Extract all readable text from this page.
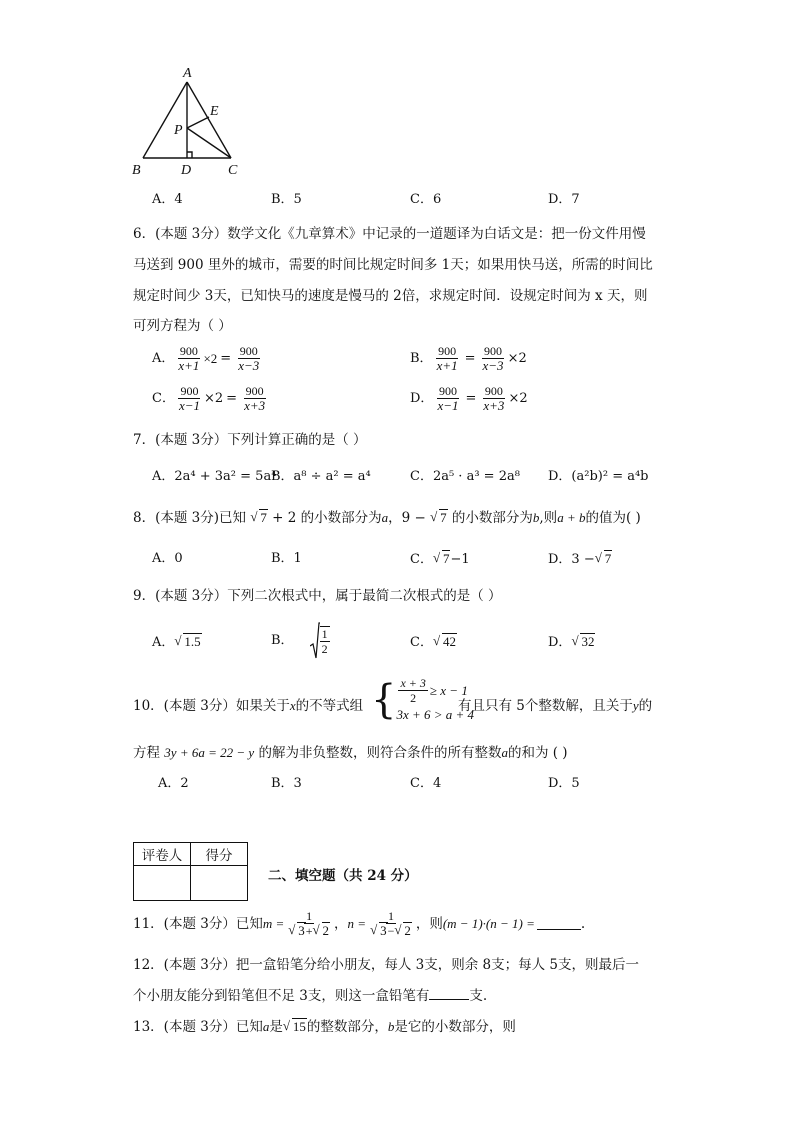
A
E
P
B	D	C
A．4	B．5	C．6	D．7
6．(本题 3分）数学文化《九章算术》中记录的一道题译为白话文是：把一份文件用慢
马送到 900 里外的城市，需要的时间比规定时间多 1天；如果用快马送，所需的时间比
规定时间少 3天，已知快马的速度是慢马的 2倍，求规定时间．设规定时间为 x 天，则
可列方程为（ ）
A． $\frac{900}{x+1} \times 2 = \frac{900}{x-3}$	B． $\frac{900}{x+1} = \frac{900}{x-3} \times 2$
C． $\frac{900}{x-1} \times 2 = \frac{900}{x+3}$	D． $\frac{900}{x-1} = \frac{900}{x+3} \times 2$
7．(本题 3分）下列计算正确的是（ ）
A．2a⁴ + 3a² = 5a⁴
B．a⁸ ÷ a² = a⁴	C．2a⁵ · a³ = 2a⁸ D．(a²b)² = a⁴b
8．(本题 3分)已知 √ 7 + 2 的小数部分为a，9 − √ 7 的小数部分为b,则a + b的值为( )
A．0	B．1	C． √ 7−1	D．3 − √ 7
9．(本题 3分）下列二次根式中，属于最简二次根式的是（ ）
A． √ 1.5	B． $\frac{1}{2}$	C． √ 42	D． √ 32
10．(本题 3分）如果关于x的不等式组 { $\frac{x + 3}{2} \ge x - 1$
3x + 6 > a + 4
有且只有 5个整数解，且关于y的
方程 3y + 6a = 22 − y 的解为非负整数，则符合条件的所有整数a的和为 ( )
A．2	B．3	C．4	D．5
评卷人	得分

二、填空题（共 24 分）
11．(本题 3分）已知 m = 1
√ 3+ √ 2 ， n = 1
√ 3− √ 2 ，则 (m − 1)·(n − 1) =	.
12．(本题 3分）把一盒铅笔分给小朋友，每人 3支，则余 8支；每人 5支，则最后一
个小朋友能分到铅笔但不足 3支，则这一盒铅笔有	支.
13．(本题 3分）已知a是 √ 15的整数部分，b是它的小数部分，则
